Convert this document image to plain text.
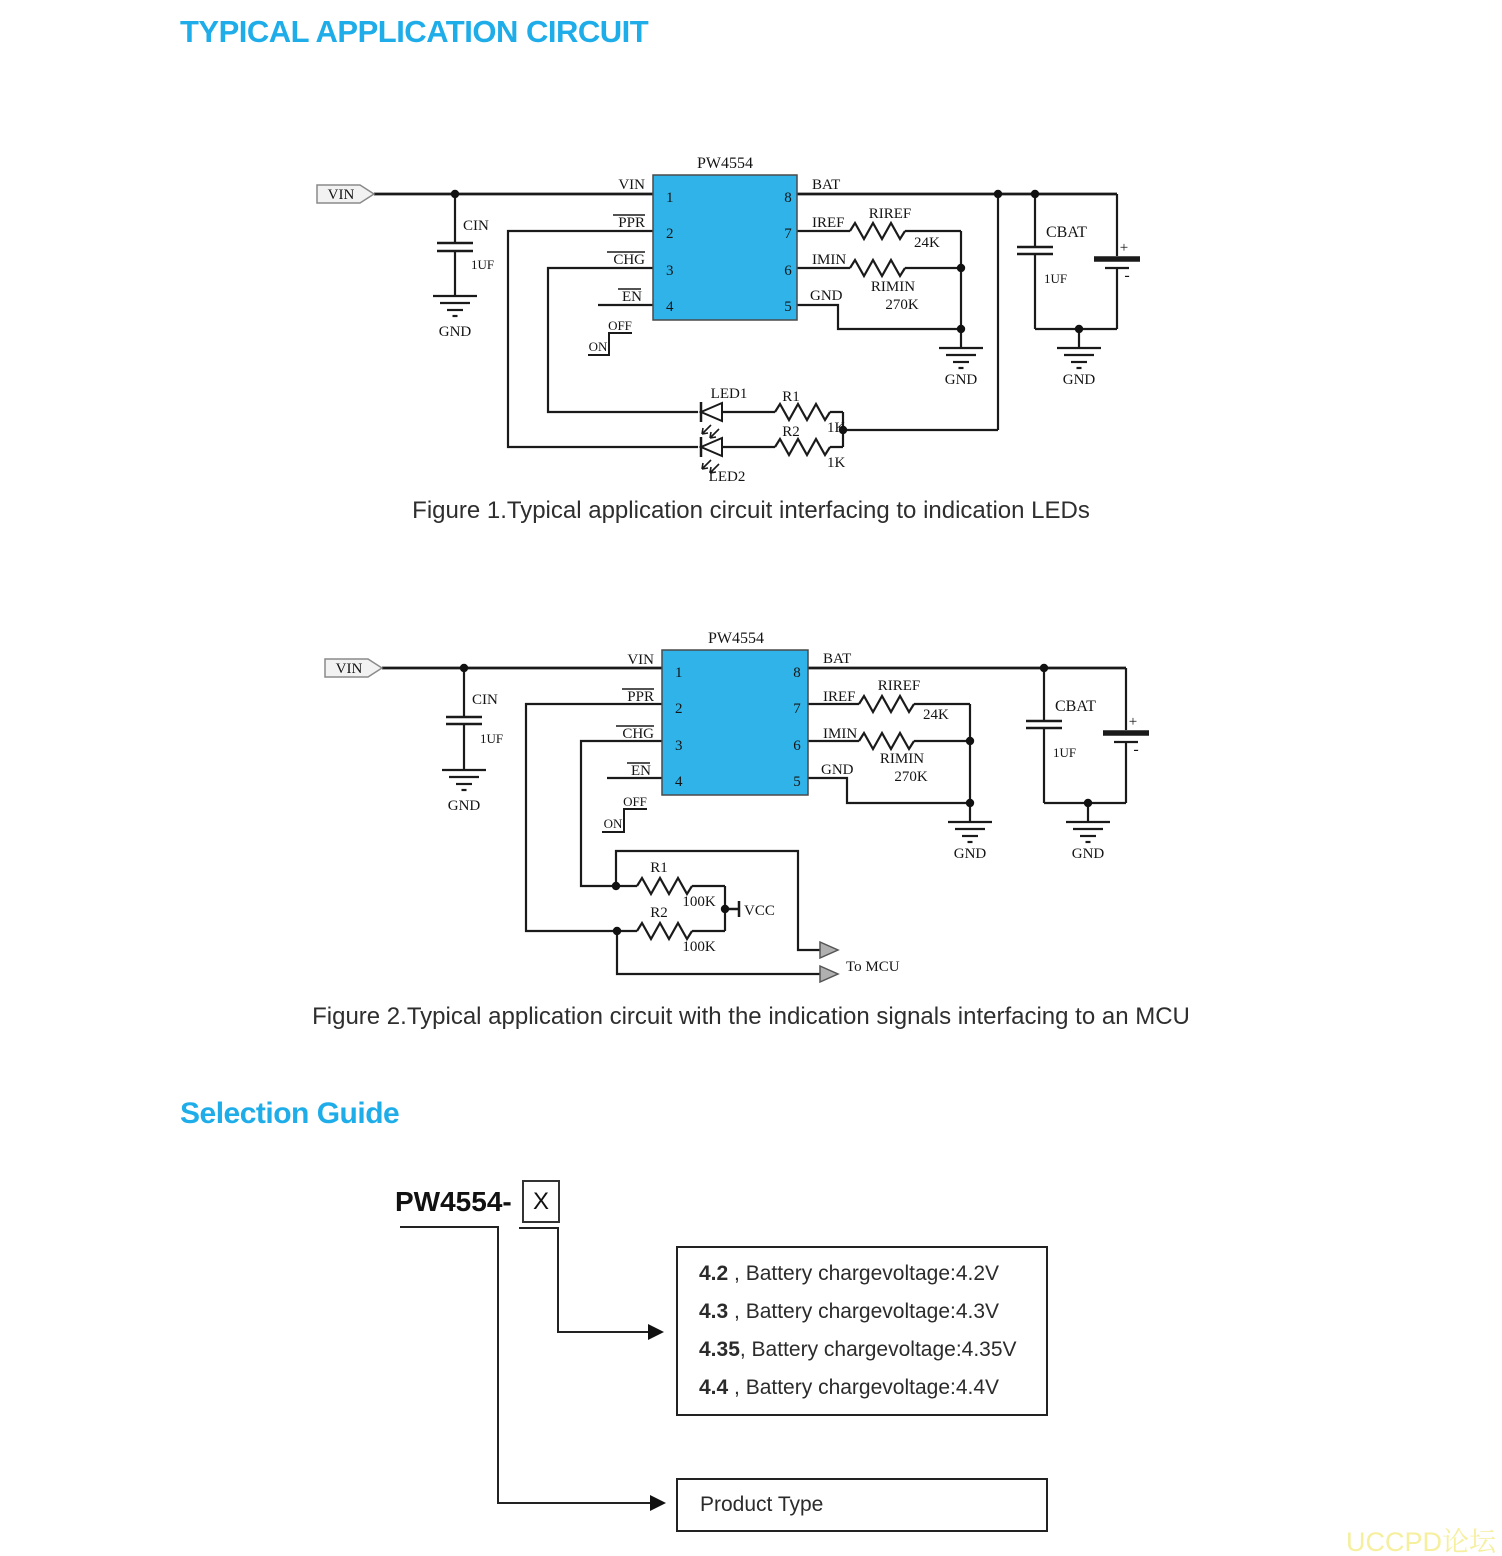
TYPICAL APPLICATION CIRCUIT
VIN
PW4554
1
2
3
4
8
7
6
5
VIN
PPR
CHG
EN
BAT
IREF
IMIN
GND
CIN
1UF
GND	OFF
ON
RIREF
24K
RIMIN
270K
GND
CBAT
1UF
+
-
GND
LED1
LED2
R1
1K
R2
1K
Figure 1.Typical application circuit interfacing to indication LEDs
VIN
PW4554
1
2
3
4
8
7
6
5
VIN
PPR
CHG
EN
BAT
IREF
IMIN
GND
CIN
1UF
GND	OFF
ON
RIREF
24K
RIMIN
270K
GND
CBAT
1UF
+
-
GND
R1
100K
R2
100K
VCC
To MCU
Figure 2.Typical application circuit with the indication signals interfacing to an MCU
Selection Guide
PW4554- X
4.2 , Battery chargevoltage:4.2V
4.3 , Battery chargevoltage:4.3V
4.35, Battery chargevoltage:4.35V
4.4 , Battery chargevoltage:4.4V
Product Type
UCCPD论坛
